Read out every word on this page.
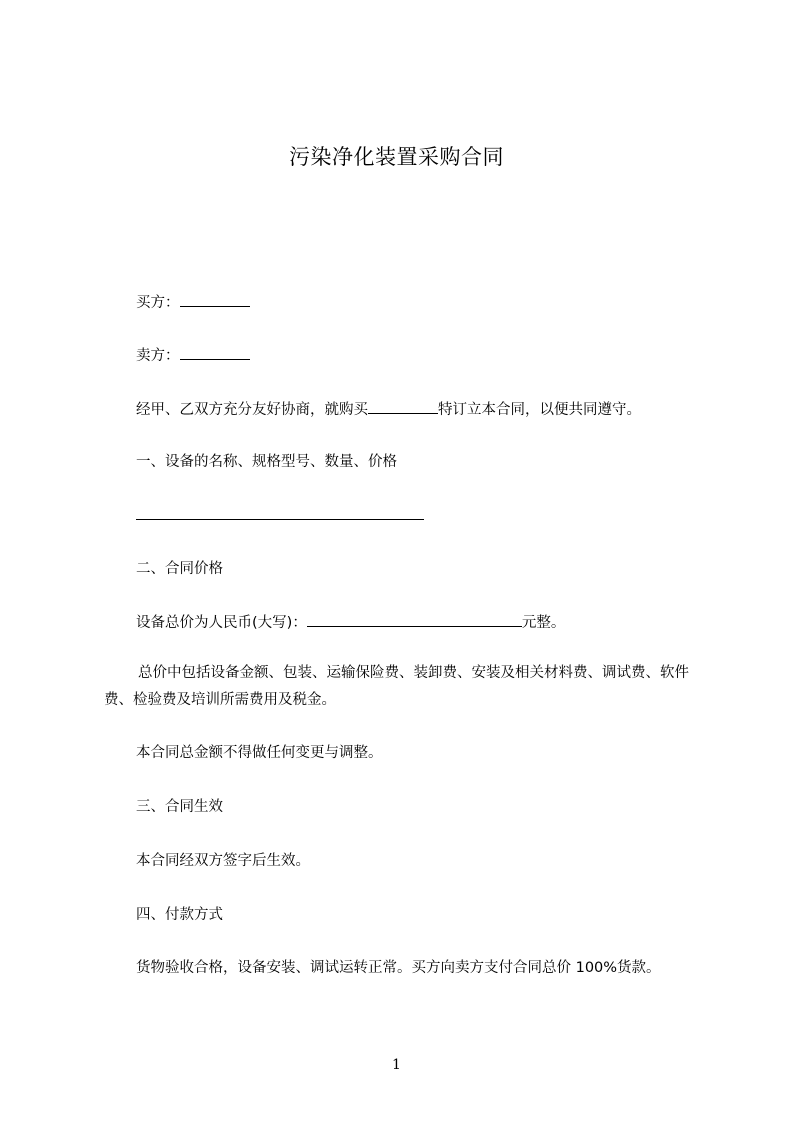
污染净化装置采购合同
买方：
卖方：
经甲、乙双方充分友好协商，就购买	特订立本合同，以便共同遵守。
一、设备的名称、规格型号、数量、价格
二、合同价格
设备总价为人民币(大写)：	元整。
总价中包括设备金额、包装、运输保险费、装卸费、安装及相关材料费、调试费、软件费、检验费及培训所需费用及税金。
本合同总金额不得做任何变更与调整。
三、合同生效
本合同经双方签字后生效。
四、付款方式
货物验收合格，设备安装、调试运转正常。买方向卖方支付合同总价 100%货款。
1
